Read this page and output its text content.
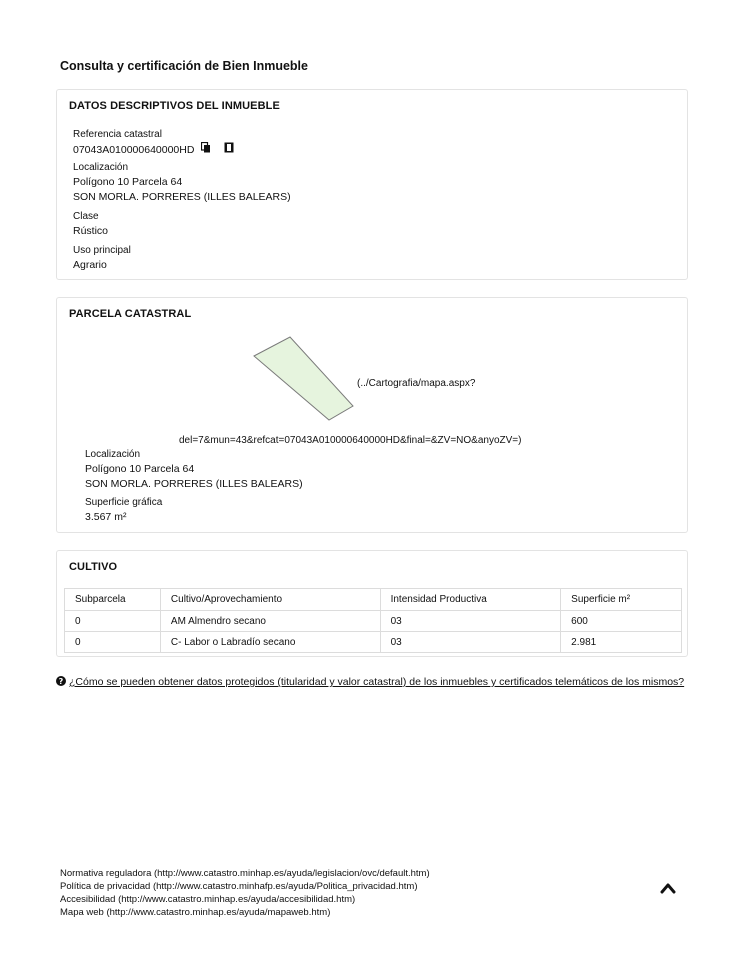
Consulta y certificación de Bien Inmueble
DATOS DESCRIPTIVOS DEL INMUEBLE
Referencia catastral
07043A010000640000HD
Localización
Polígono 10 Parcela 64
SON MORLA. PORRERES (ILLES BALEARS)
Clase
Rústico
Uso principal
Agrario
PARCELA CATASTRAL
(../Cartografia/mapa.aspx?
del=7&mun=43&refcat=07043A010000640000HD&final=&ZV=NO&anyoZV=)
Localización
Polígono 10 Parcela 64
SON MORLA. PORRERES (ILLES BALEARS)
Superficie gráfica
3.567 m²
CULTIVO
Subparcela	Cultivo/Aprovechamiento	Intensidad Productiva	Superficie m²
0	AM Almendro secano	03	600
0	C- Labor o Labradío secano	03	2.981
? ¿Cómo se pueden obtener datos protegidos (titularidad y valor catastral) de los inmuebles y certificados telemáticos de los mismos?
Normativa reguladora (http://www.catastro.minhap.es/ayuda/legislacion/ovc/default.htm)
Política de privacidad (http://www.catastro.minhafp.es/ayuda/Politica_privacidad.htm)
Accesibilidad (http://www.catastro.minhap.es/ayuda/accesibilidad.htm)
Mapa web (http://www.catastro.minhap.es/ayuda/mapaweb.htm)
